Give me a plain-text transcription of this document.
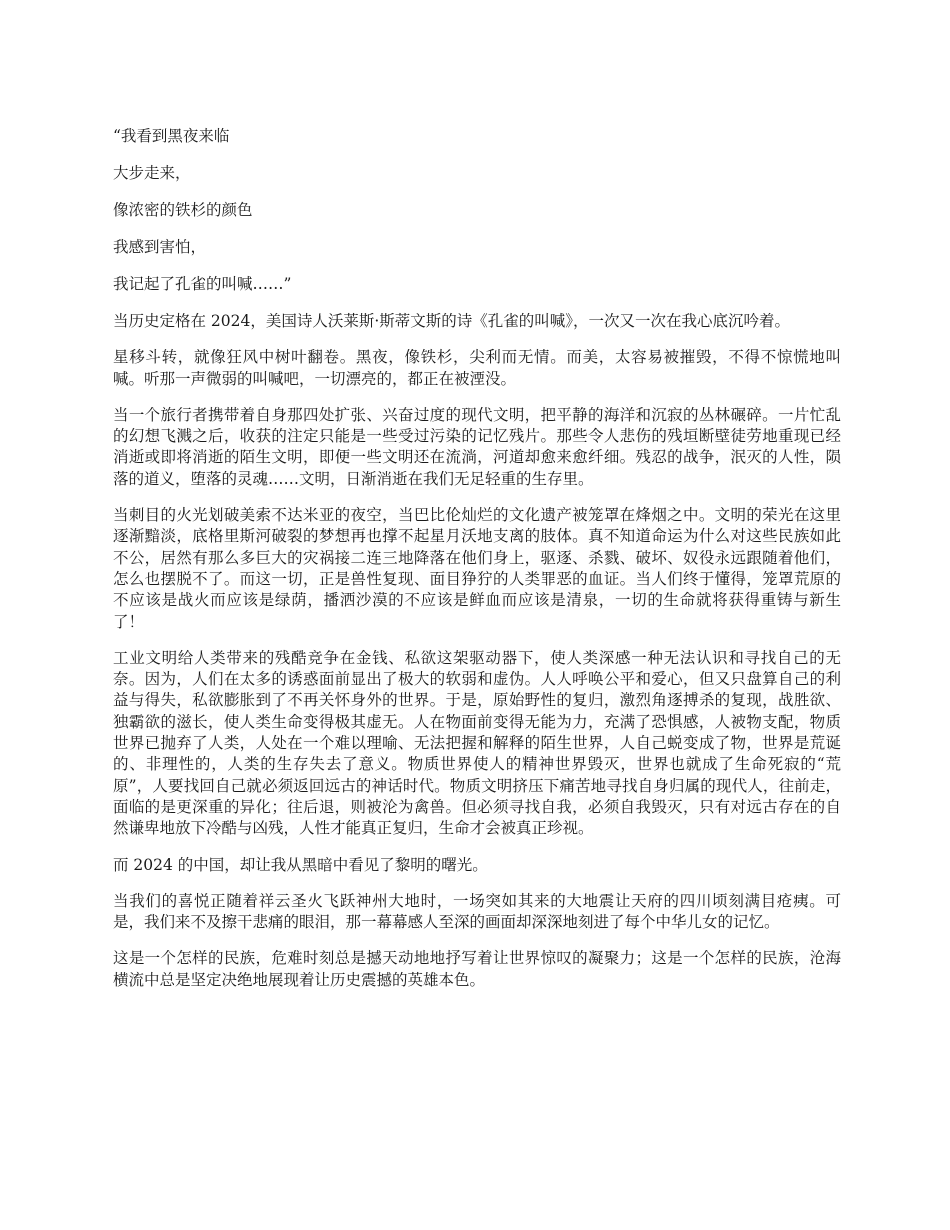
“我看到黑夜来临

大步走来，

像浓密的铁杉的颜色

我感到害怕，

我记起了孔雀的叫喊……”

当历史定格在 2024，美国诗人沃莱斯·斯蒂文斯的诗《孔雀的叫喊》，一次又一次在我心底沉吟着。

星移斗转，就像狂风中树叶翻卷。黑夜，像铁杉，尖利而无情。而美，太容易被摧毁，不得不惊慌地叫喊。听那一声微弱的叫喊吧，一切漂亮的，都正在被湮没。

当一个旅行者携带着自身那四处扩张、兴奋过度的现代文明，把平静的海洋和沉寂的丛林碾碎。一片忙乱的幻想飞溅之后，收获的注定只能是一些受过污染的记忆残片。那些令人悲伤的残垣断壁徒劳地重现已经消逝或即将消逝的陌生文明，即便一些文明还在流淌，河道却愈来愈纤细。残忍的战争，泯灭的人性，陨落的道义，堕落的灵魂……文明，日渐消逝在我们无足轻重的生存里。

当刺目的火光划破美索不达米亚的夜空，当巴比伦灿烂的文化遗产被笼罩在烽烟之中。文明的荣光在这里逐渐黯淡，底格里斯河破裂的梦想再也撑不起星月沃地支离的肢体。真不知道命运为什么对这些民族如此不公，居然有那么多巨大的灾祸接二连三地降落在他们身上，驱逐、杀戮、破坏、奴役永远跟随着他们，怎么也摆脱不了。而这一切，正是兽性复现、面目狰狞的人类罪恶的血证。当人们终于懂得，笼罩荒原的不应该是战火而应该是绿荫，播洒沙漠的不应该是鲜血而应该是清泉，一切的生命就将获得重铸与新生了！

工业文明给人类带来的残酷竞争在金钱、私欲这架驱动器下，使人类深感一种无法认识和寻找自己的无奈。因为，人们在太多的诱惑面前显出了极大的软弱和虚伪。人人呼唤公平和爱心，但又只盘算自己的利益与得失，私欲膨胀到了不再关怀身外的世界。于是，原始野性的复归，激烈角逐搏杀的复现，战胜欲、独霸欲的滋长，使人类生命变得极其虚无。人在物面前变得无能为力，充满了恐惧感，人被物支配，物质世界已抛弃了人类，人处在一个难以理喻、无法把握和解释的陌生世界，人自己蜕变成了物，世界是荒诞的、非理性的，人类的生存失去了意义。物质世界使人的精神世界毁灭，世界也就成了生命死寂的“荒原”，人要找回自己就必须返回远古的神话时代。物质文明挤压下痛苦地寻找自身归属的现代人，往前走，面临的是更深重的异化；往后退，则被沦为禽兽。但必须寻找自我，必须自我毁灭，只有对远古存在的自然谦卑地放下冷酷与凶残，人性才能真正复归，生命才会被真正珍视。

而 2024 的中国，却让我从黑暗中看见了黎明的曙光。

当我们的喜悦正随着祥云圣火飞跃神州大地时，一场突如其来的大地震让天府的四川顷刻满目疮痍。可是，我们来不及擦干悲痛的眼泪，那一幕幕感人至深的画面却深深地刻进了每个中华儿女的记忆。

这是一个怎样的民族，危难时刻总是撼天动地地抒写着让世界惊叹的凝聚力；这是一个怎样的民族，沧海横流中总是坚定决绝地展现着让历史震撼的英雄本色。
